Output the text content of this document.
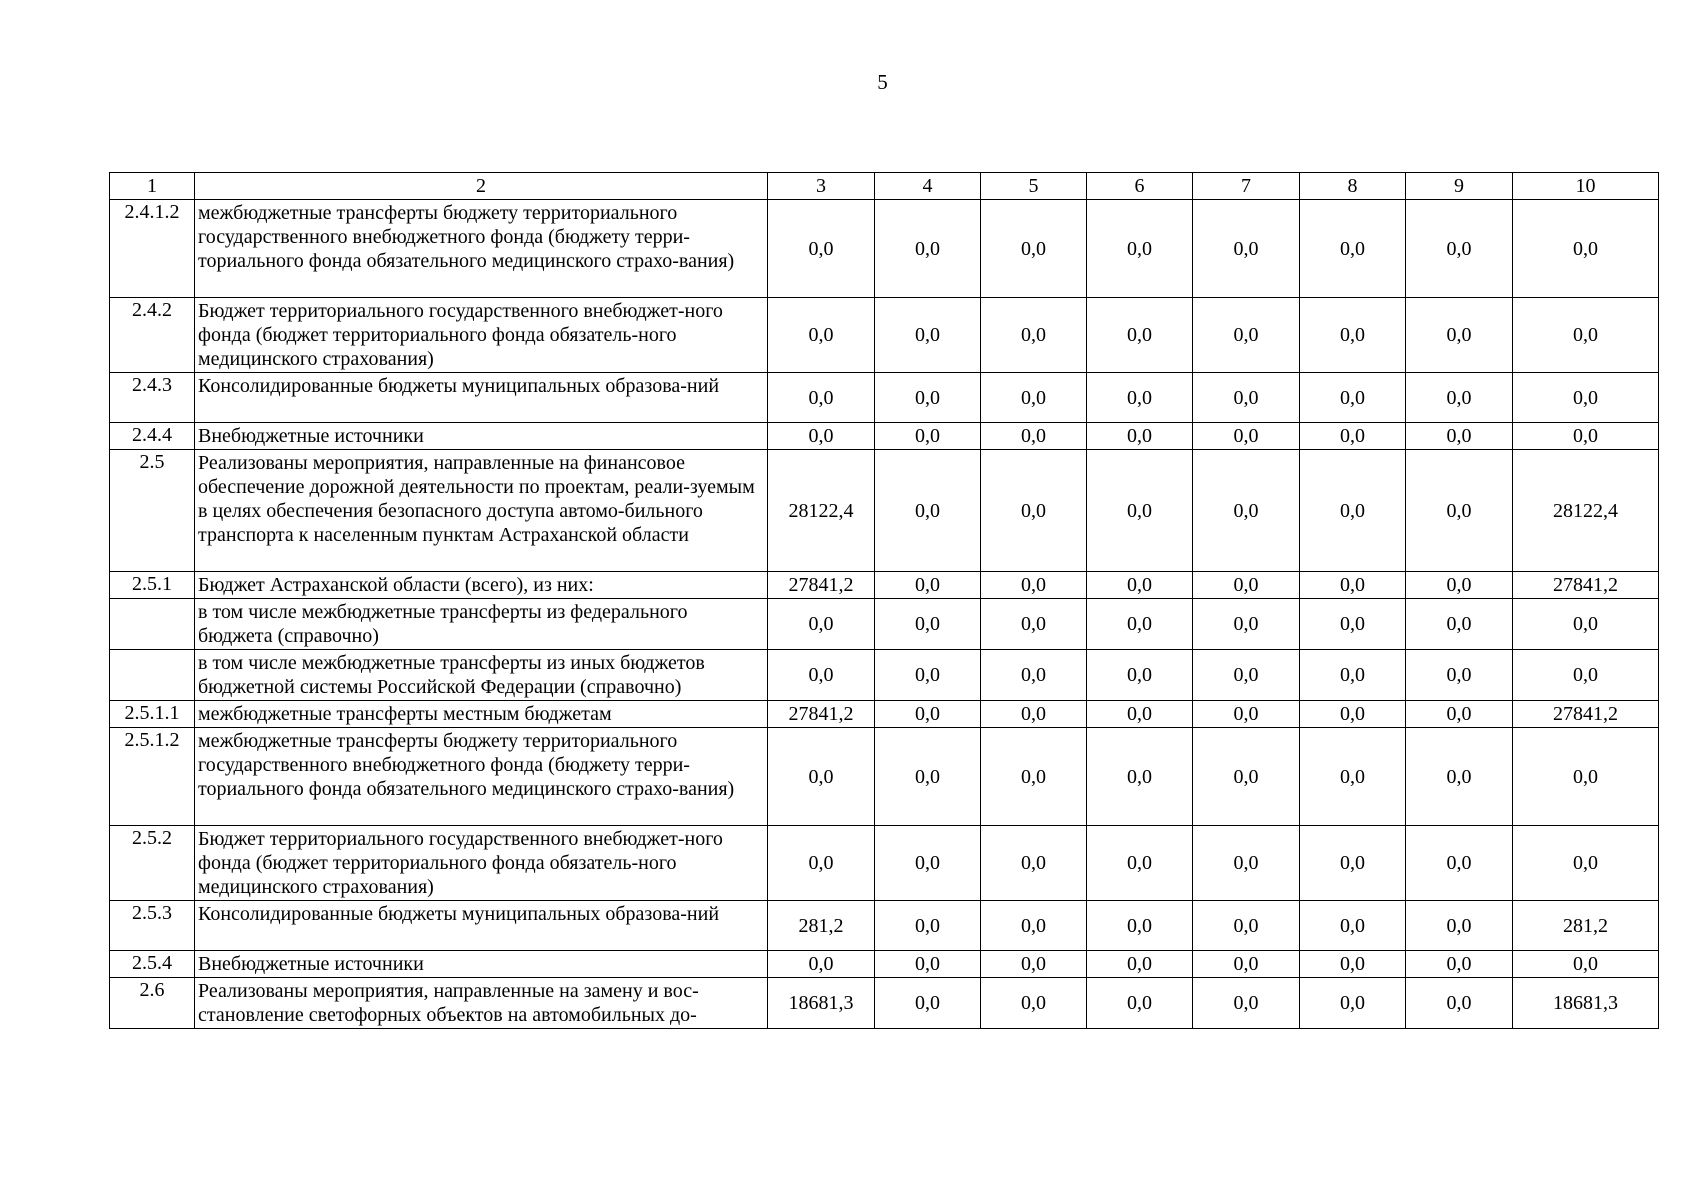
5
1	2	3	4	5	6	7	8	9	10
2.4.1.2	межбюджетные трансферты бюджету территориального государственного внебюджетного фонда (бюджету терри-ториального фонда обязательного медицинского страхо-вания)	0,0	0,0	0,0	0,0	0,0	0,0	0,0	0,0
2.4.2	Бюджет территориального государственного внебюджет-ного фонда (бюджет территориального фонда обязатель-ного медицинского страхования)	0,0	0,0	0,0	0,0	0,0	0,0	0,0	0,0
2.4.3	Консолидированные бюджеты муниципальных образова-ний	0,0	0,0	0,0	0,0	0,0	0,0	0,0	0,0
2.4.4	Внебюджетные источники	0,0	0,0	0,0	0,0	0,0	0,0	0,0	0,0
2.5	Реализованы мероприятия, направленные на финансовое обеспечение дорожной деятельности по проектам, реали-зуемым в целях обеспечения безопасного доступа автомо-бильного транспорта к населенным пунктам Астраханской области	28122,4	0,0	0,0	0,0	0,0	0,0	0,0	28122,4
2.5.1	Бюджет Астраханской области (всего), из них:	27841,2	0,0	0,0	0,0	0,0	0,0	0,0	27841,2
	в том числе межбюджетные трансферты из федерального бюджета (справочно)	0,0	0,0	0,0	0,0	0,0	0,0	0,0	0,0
	в том числе межбюджетные трансферты из иных бюджетов бюджетной системы Российской Федерации (справочно)	0,0	0,0	0,0	0,0	0,0	0,0	0,0	0,0
2.5.1.1	межбюджетные трансферты местным бюджетам	27841,2	0,0	0,0	0,0	0,0	0,0	0,0	27841,2
2.5.1.2	межбюджетные трансферты бюджету территориального государственного внебюджетного фонда (бюджету терри-ториального фонда обязательного медицинского страхо-вания)	0,0	0,0	0,0	0,0	0,0	0,0	0,0	0,0
2.5.2	Бюджет территориального государственного внебюджет-ного фонда (бюджет территориального фонда обязатель-ного медицинского страхования)	0,0	0,0	0,0	0,0	0,0	0,0	0,0	0,0
2.5.3	Консолидированные бюджеты муниципальных образова-ний	281,2	0,0	0,0	0,0	0,0	0,0	0,0	281,2
2.5.4	Внебюджетные источники	0,0	0,0	0,0	0,0	0,0	0,0	0,0	0,0
2.6	Реализованы мероприятия, направленные на замену и вос-становление светофорных объектов на автомобильных до-	18681,3	0,0	0,0	0,0	0,0	0,0	0,0	18681,3
